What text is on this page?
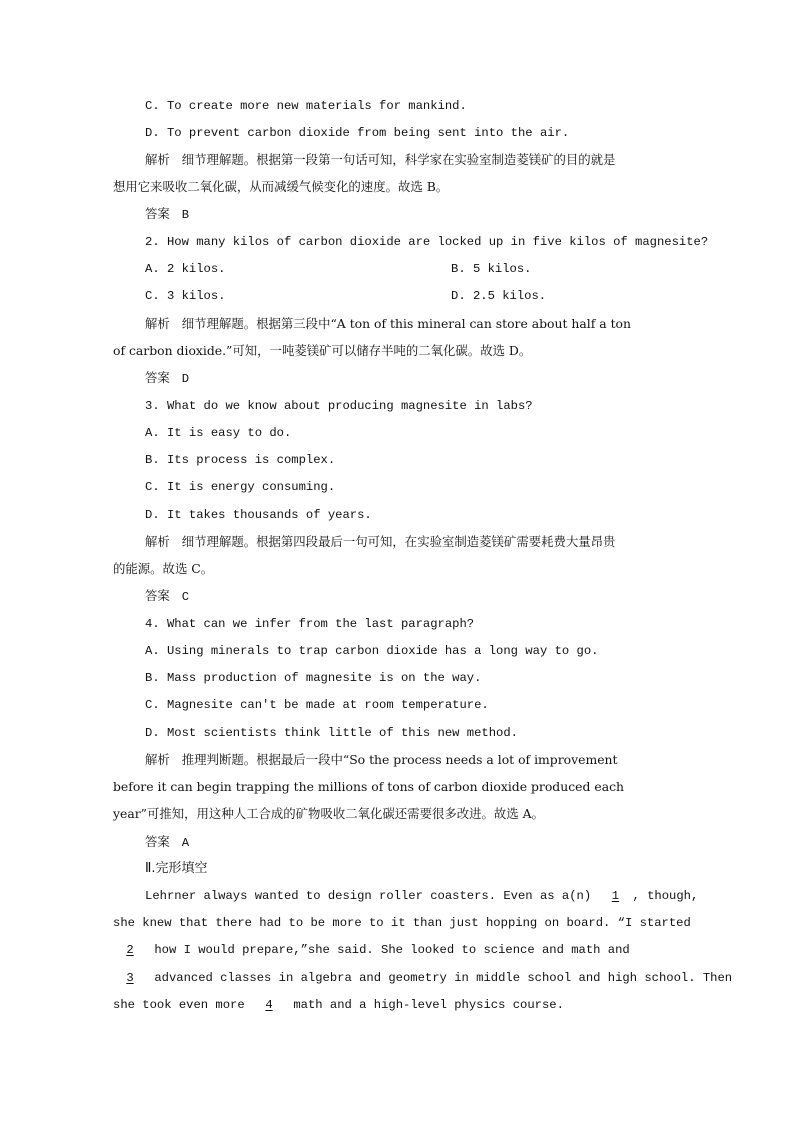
C. To create more new materials for mankind.
D. To prevent carbon dioxide from being sent into the air.
解析 细节理解题。根据第一段第一句话可知，科学家在实验室制造菱镁矿的目的就是
想用它来吸收二氧化碳，从而减缓气候变化的速度。故选 B。
答案 B
2. How many kilos of carbon dioxide are locked up in five kilos of magnesite?
A. 2 kilos.	B. 5 kilos.
C. 3 kilos.	D. 2.5 kilos.
解析 细节理解题。根据第三段中“A ton of this mineral can store about half a ton
of carbon dioxide.”可知，一吨菱镁矿可以储存半吨的二氧化碳。故选 D。
答案 D
3. What do we know about producing magnesite in labs?
A. It is easy to do.
B. Its process is complex.
C. It is energy consuming.
D. It takes thousands of years.
解析 细节理解题。根据第四段最后一句可知，在实验室制造菱镁矿需要耗费大量昂贵
的能源。故选 C。
答案 C
4. What can we infer from the last paragraph?
A. Using minerals to trap carbon dioxide has a long way to go.
B. Mass production of magnesite is on the way.
C. Magnesite can't be made at room temperature.
D. Most scientists think little of this new method.
解析 推理判断题。根据最后一段中“So the process needs a lot of improvement
before it can begin trapping the millions of tons of carbon dioxide produced each
year”可推知，用这种人工合成的矿物吸收二氧化碳还需要很多改进。故选 A。
答案 A
Ⅱ.完形填空
Lehrner always wanted to design roller coasters. Even as a(n) 1 , though,
she knew that there had to be more to it than just hopping on board. “I started
2 how I would prepare,”she said. She looked to science and math and
3 advanced classes in algebra and geometry in middle school and high school. Then
she took even more 4 math and a high-level physics course.
